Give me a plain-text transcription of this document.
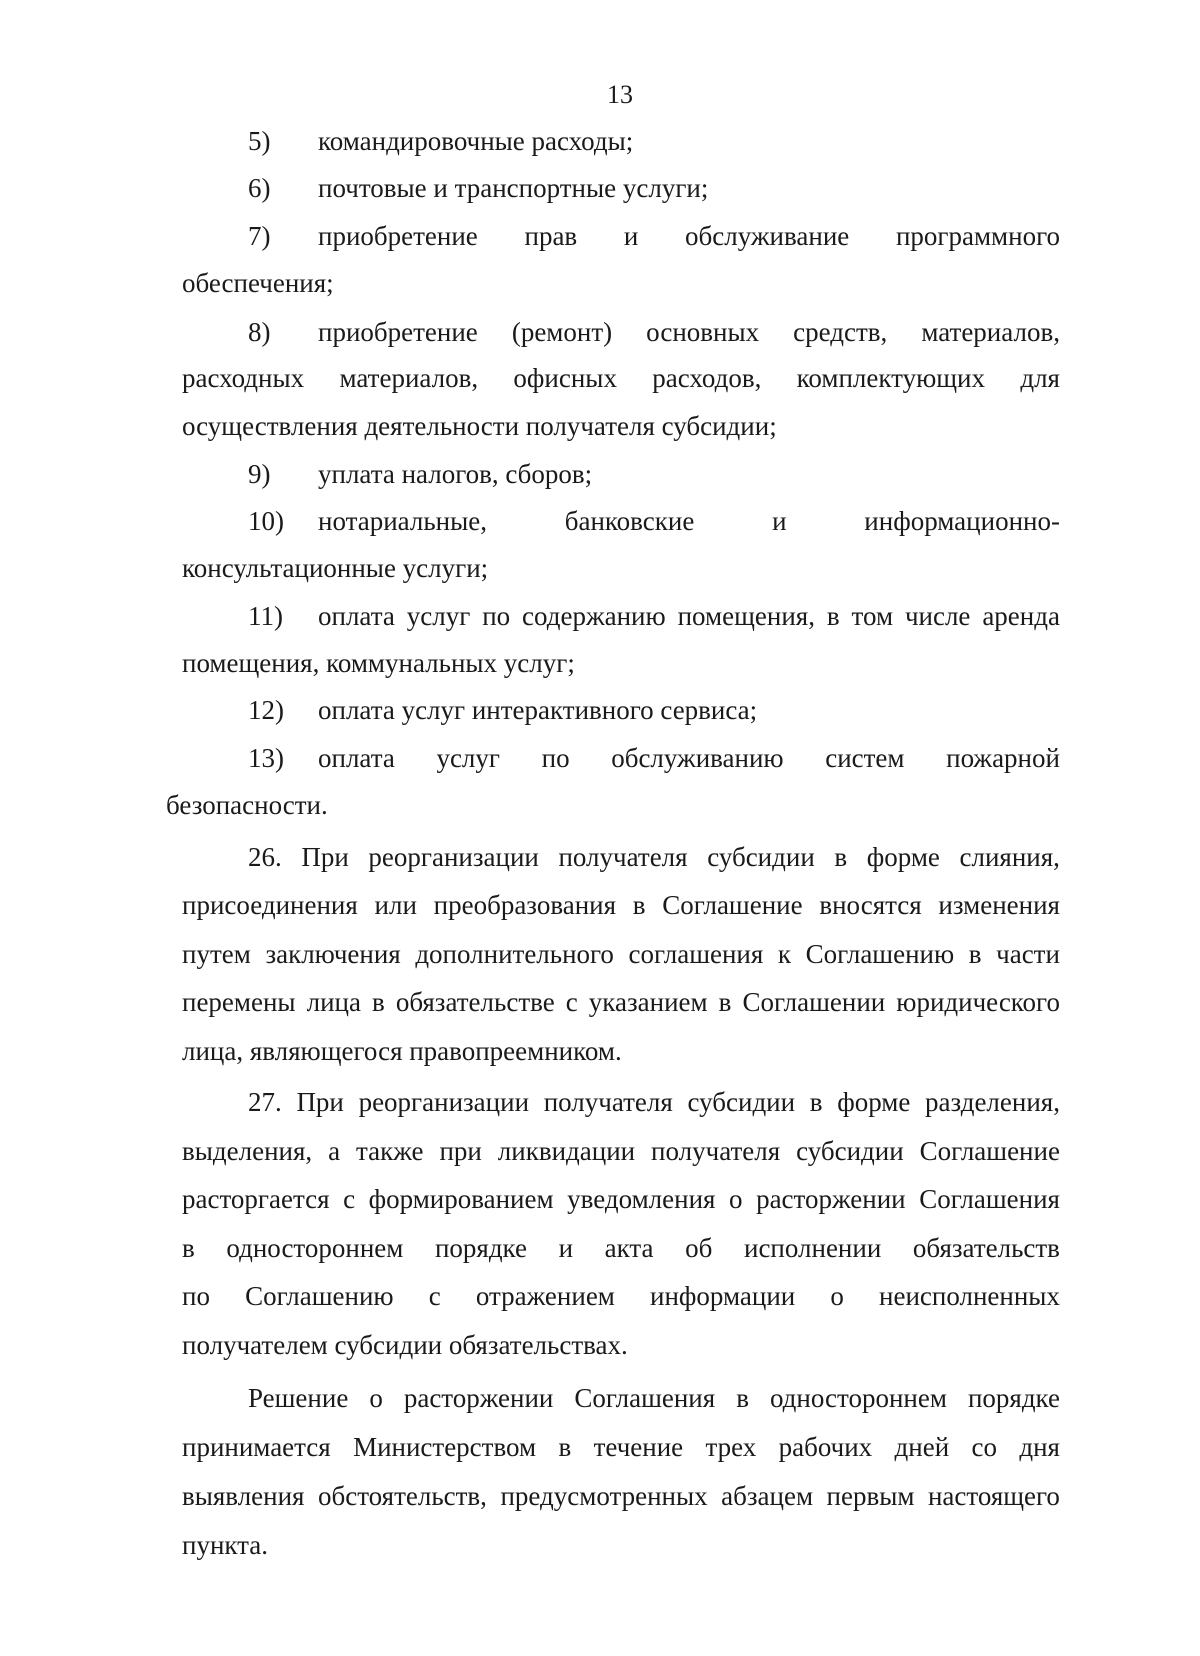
13
5) командировочные расходы;
6) почтовые и транспортные услуги;
7) приобретение прав и обслуживание программного
обеспечения;
8) приобретение (ремонт) основных средств, материалов,
расходных материалов, офисных расходов, комплектующих для
осуществления деятельности получателя субсидии;
9) уплата налогов, сборов;
10) нотариальные,	банковские	и	информационно-
консультационные услуги;
11) оплата услуг по содержанию помещения, в том числе аренда
помещения, коммунальных услуг;
12) оплата услуг интерактивного сервиса;
13) оплата услуг по обслуживанию систем пожарной
безопасности.
26. При реорганизации получателя субсидии в форме слияния,
присоединения или преобразования в Соглашение вносятся изменения
путем заключения дополнительного соглашения к Соглашению в части
перемены лица в обязательстве с указанием в Соглашении юридического
лица, являющегося правопреемником.
27. При реорганизации получателя субсидии в форме разделения,
выделения, а также при ликвидации получателя субсидии Соглашение
расторгается с формированием уведомления о расторжении Соглашения
в одностороннем порядке и акта об исполнении обязательств
по Соглашению с отражением информации о неисполненных
получателем субсидии обязательствах.
Решение о расторжении Соглашения в одностороннем порядке
принимается Министерством в течение трех рабочих дней со дня
выявления обстоятельств, предусмотренных абзацем первым настоящего
пункта.
